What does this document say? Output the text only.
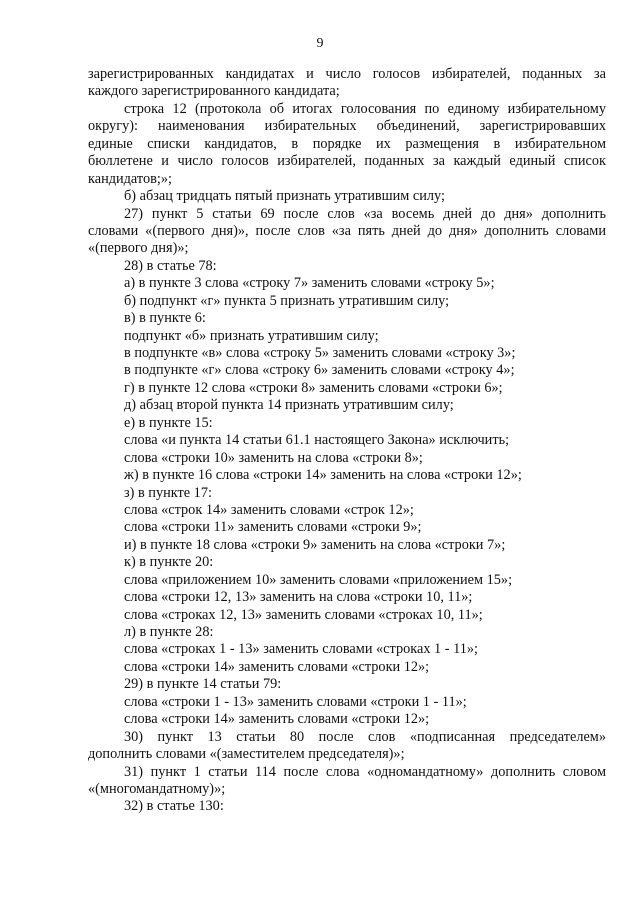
9
зарегистрированных кандидатах и число голосов избирателей, поданных за
каждого зарегистрированного кандидата;
строка 12 (протокола об итогах голосования по единому избирательному
округу): наименования избирательных объединений, зарегистрировавших
единые списки кандидатов, в порядке их размещения в избирательном
бюллетене и число голосов избирателей, поданных за каждый единый список
кандидатов;»;
б) абзац тридцать пятый признать утратившим силу;
27) пункт 5 статьи 69 после слов «за восемь дней до дня» дополнить
словами «(первого дня)», после слов «за пять дней до дня» дополнить словами
«(первого дня)»;
28) в статье 78:
а) в пункте 3 слова «строку 7» заменить словами «строку 5»;
б) подпункт «г» пункта 5 признать утратившим силу;
в) в пункте 6:
подпункт «б» признать утратившим силу;
в подпункте «в» слова «строку 5» заменить словами «строку 3»;
в подпункте «г» слова «строку 6» заменить словами «строку 4»;
г) в пункте 12 слова «строки 8» заменить словами «строки 6»;
д) абзац второй пункта 14 признать утратившим силу;
е) в пункте 15:
слова «и пункта 14 статьи 61.1 настоящего Закона» исключить;
слова «строки 10» заменить на слова «строки 8»;
ж) в пункте 16 слова «строки 14» заменить на слова «строки 12»;
з) в пункте 17:
слова «строк 14» заменить словами «строк 12»;
слова «строки 11» заменить словами «строки 9»;
и) в пункте 18 слова «строки 9» заменить на слова «строки 7»;
к) в пункте 20:
слова «приложением 10» заменить словами «приложением 15»;
слова «строки 12, 13» заменить на слова «строки 10, 11»;
слова «строках 12, 13» заменить словами «строках 10, 11»;
л) в пункте 28:
слова «строках 1 - 13» заменить словами «строках 1 - 11»;
слова «строки 14» заменить словами «строки 12»;
29) в пункте 14 статьи 79:
слова «строки 1 - 13» заменить словами «строки 1 - 11»;
слова «строки 14» заменить словами «строки 12»;
30) пункт 13 статьи 80 после слов «подписанная председателем»
дополнить словами «(заместителем председателя)»;
31) пункт 1 статьи 114 после слова «одномандатному» дополнить словом
«(многомандатному)»;
32) в статье 130:
